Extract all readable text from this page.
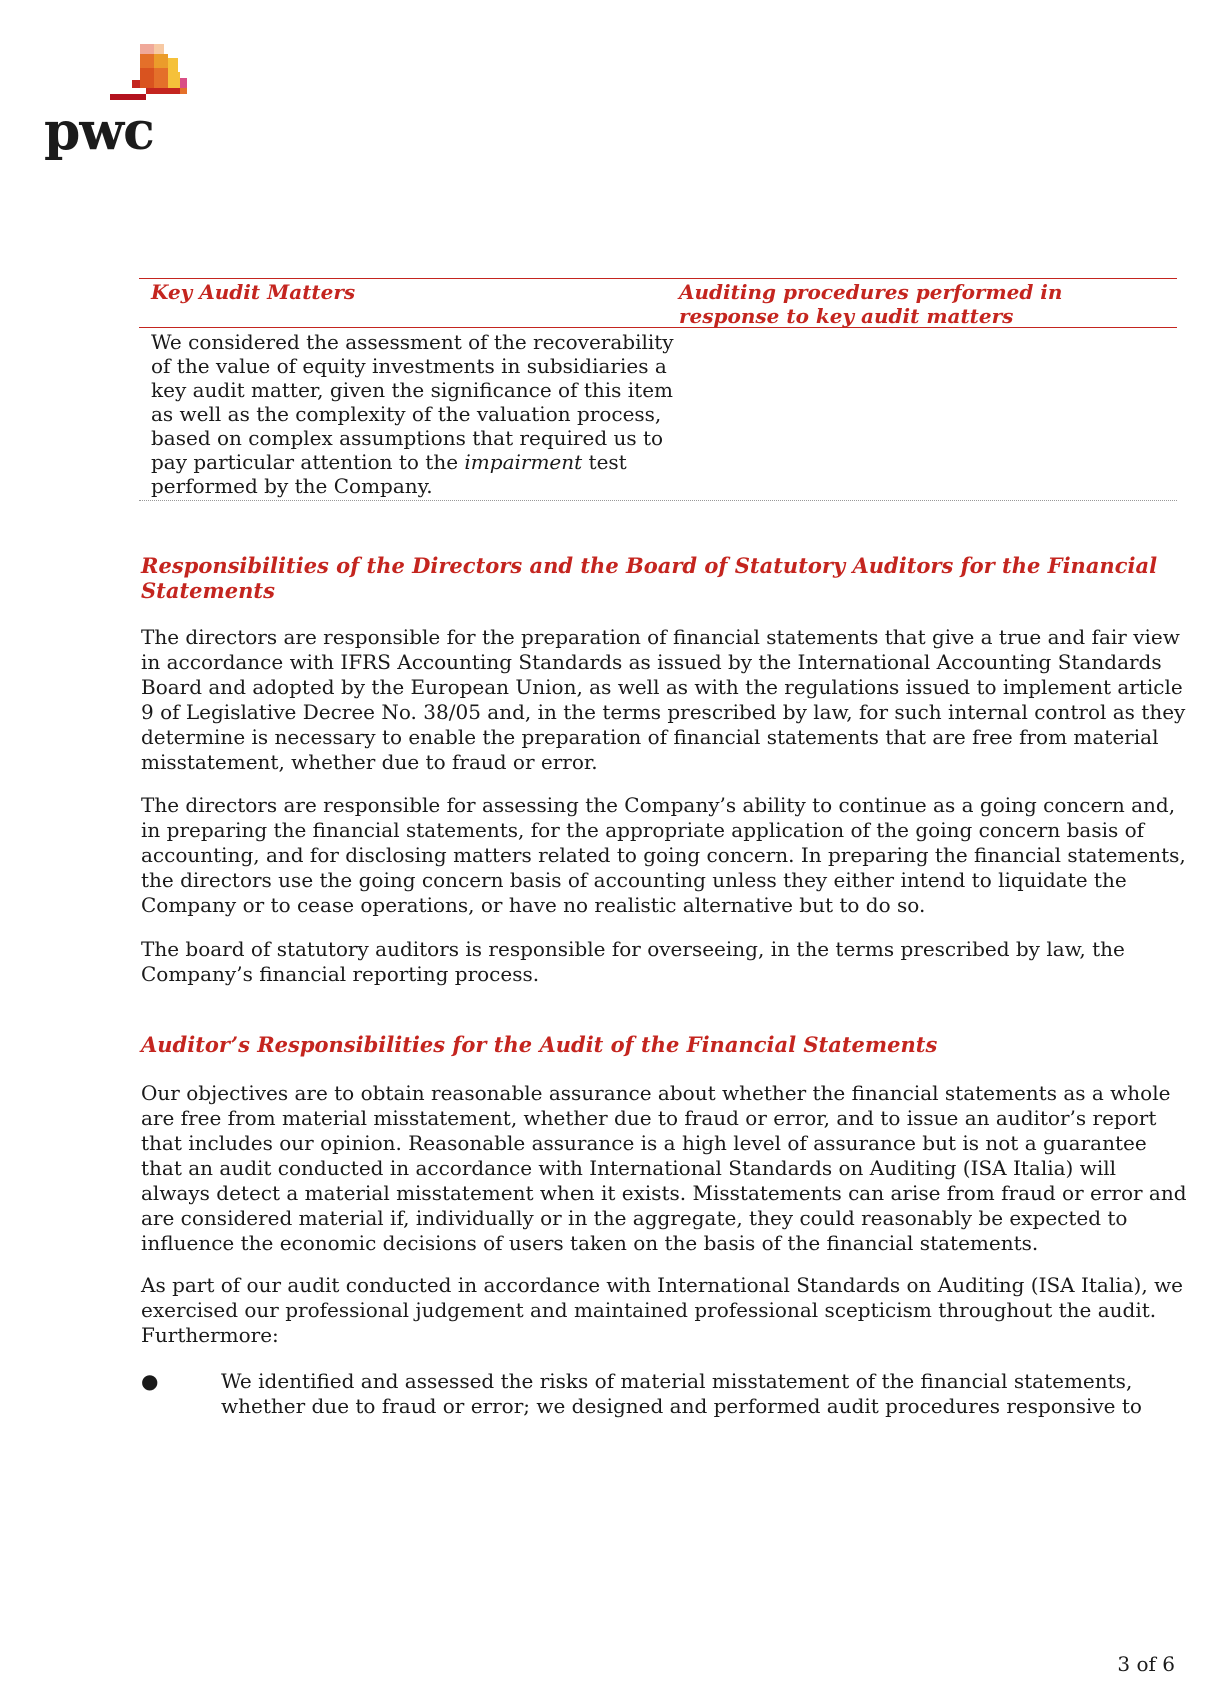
pwc
Key Audit Matters	Auditing procedures performed in
response to key audit matters
We considered the assessment of the recoverability of the value of equity investments in subsidiaries a key audit matter, given the significance of this item as well as the complexity of the valuation process, based on complex assumptions that required us to pay particular attention to the impairment test performed by the Company.
Responsibilities of the Directors and the Board of Statutory Auditors for the Financial Statements
The directors are responsible for the preparation of financial statements that give a true and fair view in accordance with IFRS Accounting Standards as issued by the International Accounting Standards Board and adopted by the European Union, as well as with the regulations issued to implement article 9 of Legislative Decree No. 38/05 and, in the terms prescribed by law, for such internal control as they determine is necessary to enable the preparation of financial statements that are free from material misstatement, whether due to fraud or error.
The directors are responsible for assessing the Company’s ability to continue as a going concern and, in preparing the financial statements, for the appropriate application of the going concern basis of accounting, and for disclosing matters related to going concern. In preparing the financial statements, the directors use the going concern basis of accounting unless they either intend to liquidate the Company or to cease operations, or have no realistic alternative but to do so.
The board of statutory auditors is responsible for overseeing, in the terms prescribed by law, the Company’s financial reporting process.
Auditor’s Responsibilities for the Audit of the Financial Statements
Our objectives are to obtain reasonable assurance about whether the financial statements as a whole are free from material misstatement, whether due to fraud or error, and to issue an auditor’s report that includes our opinion. Reasonable assurance is a high level of assurance but is not a guarantee that an audit conducted in accordance with International Standards on Auditing (ISA Italia) will always detect a material misstatement when it exists. Misstatements can arise from fraud or error and are considered material if, individually or in the aggregate, they could reasonably be expected to influence the economic decisions of users taken on the basis of the financial statements.
As part of our audit conducted in accordance with International Standards on Auditing (ISA Italia), we exercised our professional judgement and maintained professional scepticism throughout the audit. Furthermore:
●	We identified and assessed the risks of material misstatement of the financial statements, whether due to fraud or error; we designed and performed audit procedures responsive to
3 of 6
